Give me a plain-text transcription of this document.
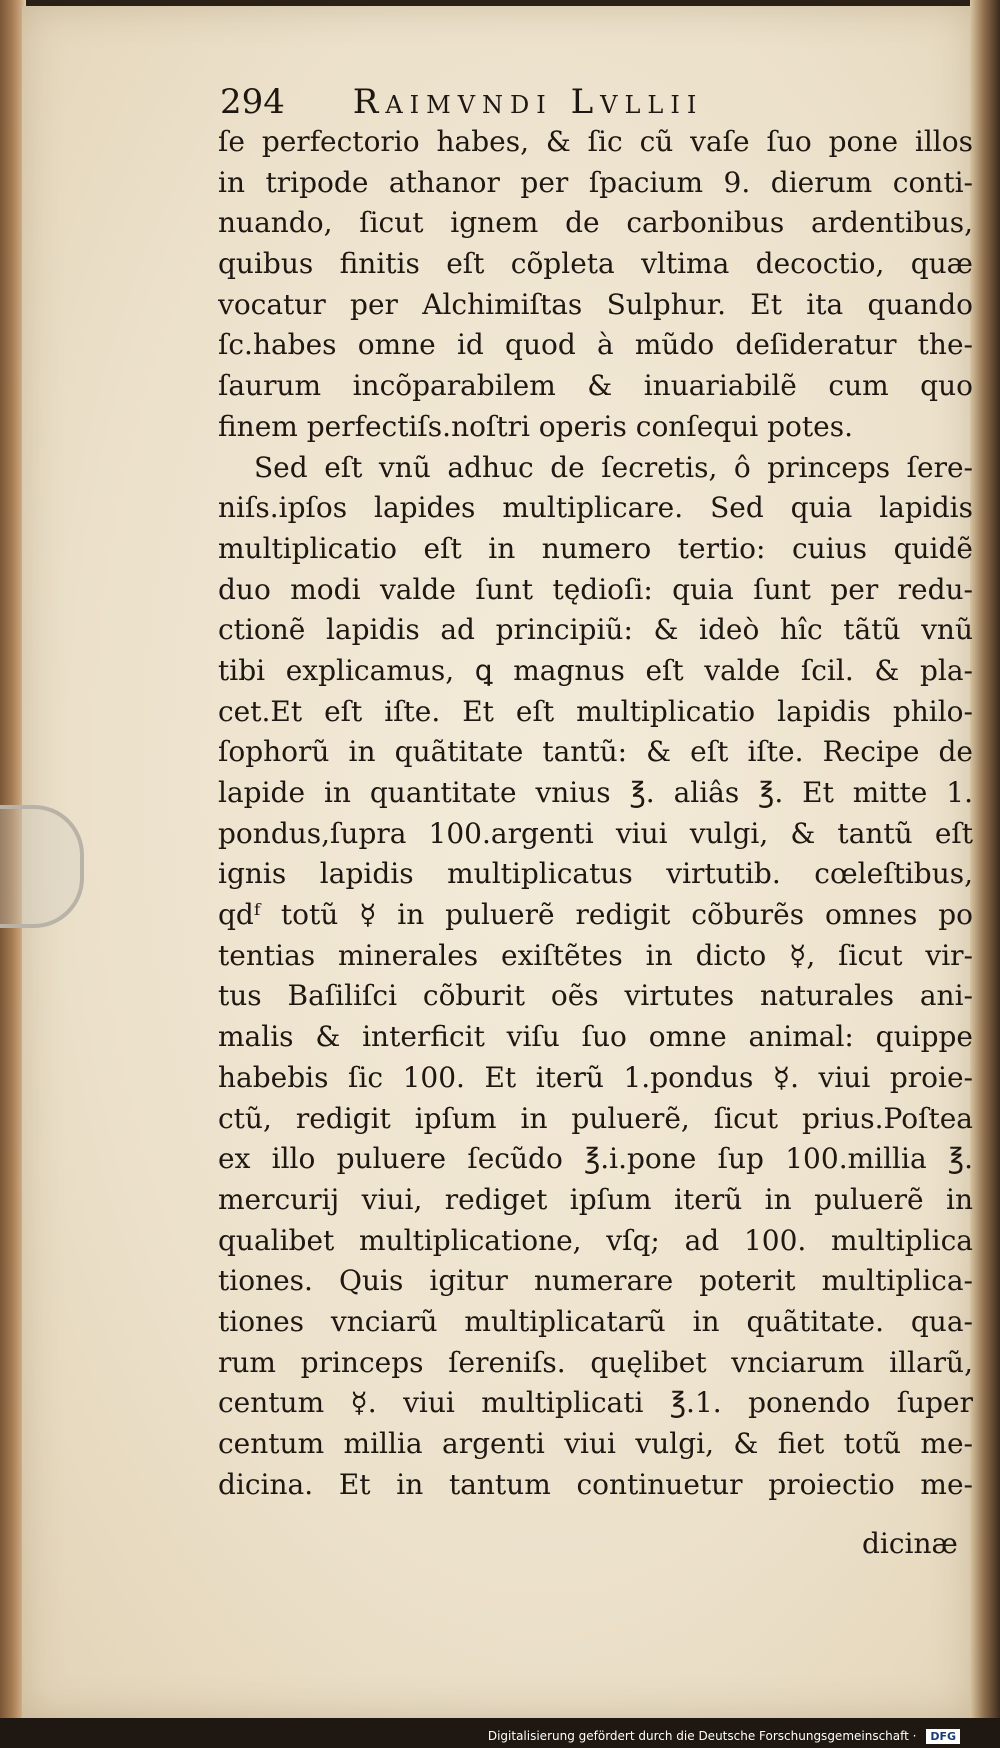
294 Raimvndi Lvllii
ſe perfectorio habes, & ſic cũ vaſe ſuo pone illos
in tripode athanor per ſpacium 9. dierum conti-
nuando, ſicut ignem de carbonibus ardentibus,
quibus finitis eſt cõpleta vltima decoctio, quæ
vocatur per Alchimiſtas Sulphur. Et ita quando
ſc.habes omne id quod à mũdo deſideratur the-
ſaurum incõparabilem & inuariabilẽ cum quo
finem perfectiſs.noſtri operis conſequi potes.
Sed eſt vnũ adhuc de ſecretis, ô princeps ſere-
niſs.ipſos lapides multiplicare. Sed quia lapidis
multiplicatio eſt in numero tertio: cuius quidẽ
duo modi valde ſunt tędioſi: quia ſunt per redu-
ctionẽ lapidis ad principiũ: & ideò hîc tãtũ vnũ
tibi explicamus, ꝗ magnus eſt valde ſcil. & pla-
cet.Et eſt iſte. Et eſt multiplicatio lapidis philo-
ſophorũ in quãtitate tantũ: & eſt iſte. Recipe de
lapide in quantitate vnius ℥. aliâs ℥. Et mitte 1.
pondus,ſupra 100.argenti viui vulgi, & tantũ eſt
ignis lapidis multiplicatus virtutib. cœleſtibus,
qdᶠ totũ ☿ in puluerẽ redigit cõburẽs omnes po
tentias minerales exiſtẽtes in dicto ☿, ſicut vir-
tus Baſiliſci cõburit oẽs virtutes naturales ani-
malis & interficit viſu ſuo omne animal: quippe
habebis ſic 100. Et iterũ 1.pondus ☿. viui proie-
ctũ, redigit ipſum in puluerẽ, ſicut prius.Poſtea
ex illo puluere ſecũdo ℥.i.pone ſup 100.millia ℥.
mercurij viui, rediget ipſum iterũ in puluerẽ in
qualibet multiplicatione, vſq; ad 100. multiplica
tiones. Quis igitur numerare poterit multiplica-
tiones vnciarũ multiplicatarũ in quãtitate. qua-
rum princeps ſereniſs. quęlibet vnciarum illarũ,
centum ☿. viui multiplicati ℥.1. ponendo ſuper
centum millia argenti viui vulgi, & fiet totũ me-
dicina. Et in tantum continuetur proiectio me-
dicinæ
Digitalisierung gefördert durch die Deutsche Forschungsgemeinschaft · DFG
